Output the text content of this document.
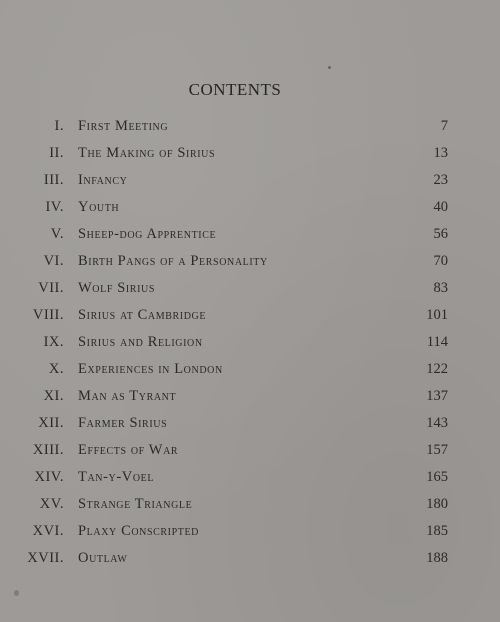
CONTENTS
I. First Meeting	7
II. The Making of Sirius	13
III. Infancy	23
IV. Youth	40
V. Sheep-dog Apprentice	56
VI. Birth Pangs of a Personality	70
VII. Wolf Sirius	83
VIII. Sirius at Cambridge	101
IX. Sirius and Religion	114
X. Experiences in London	122
XI. Man as Tyrant	137
XII. Farmer Sirius	143
XIII. Effects of War	157
XIV. Tan-y-Voel	165
XV. Strange Triangle	180
XVI. Plaxy Conscripted	185
XVII. Outlaw	188
